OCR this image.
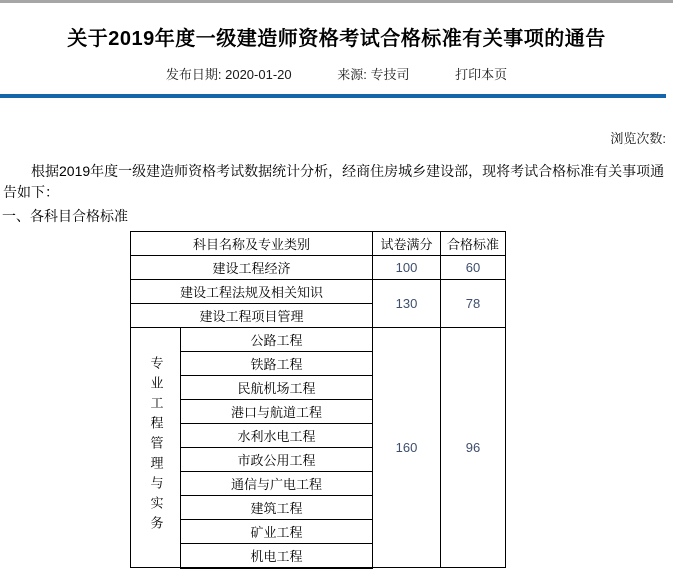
关于2019年度一级建造师资格考试合格标准有关事项的通告
发布日期: 2020-01-20	来源: 专技司	打印本页
浏览次数:

根据2019年度一级建造师资格考试数据统计分析，经商住房城乡建设部，现将考试合格标准有关事项通告如下：

一、各科目合格标准

科目名称及专业类别		试卷满分	合格标准
建设工程经济		100	60
建设工程法规及相关知识		130	78
建设工程项目管理			
专业工程管理与实务	公路工程	160	96
	铁路工程		
	民航机场工程		
	港口与航道工程		
	水利水电工程		
	市政公用工程		
	通信与广电工程		
	建筑工程		
	矿业工程		
	机电工程		
